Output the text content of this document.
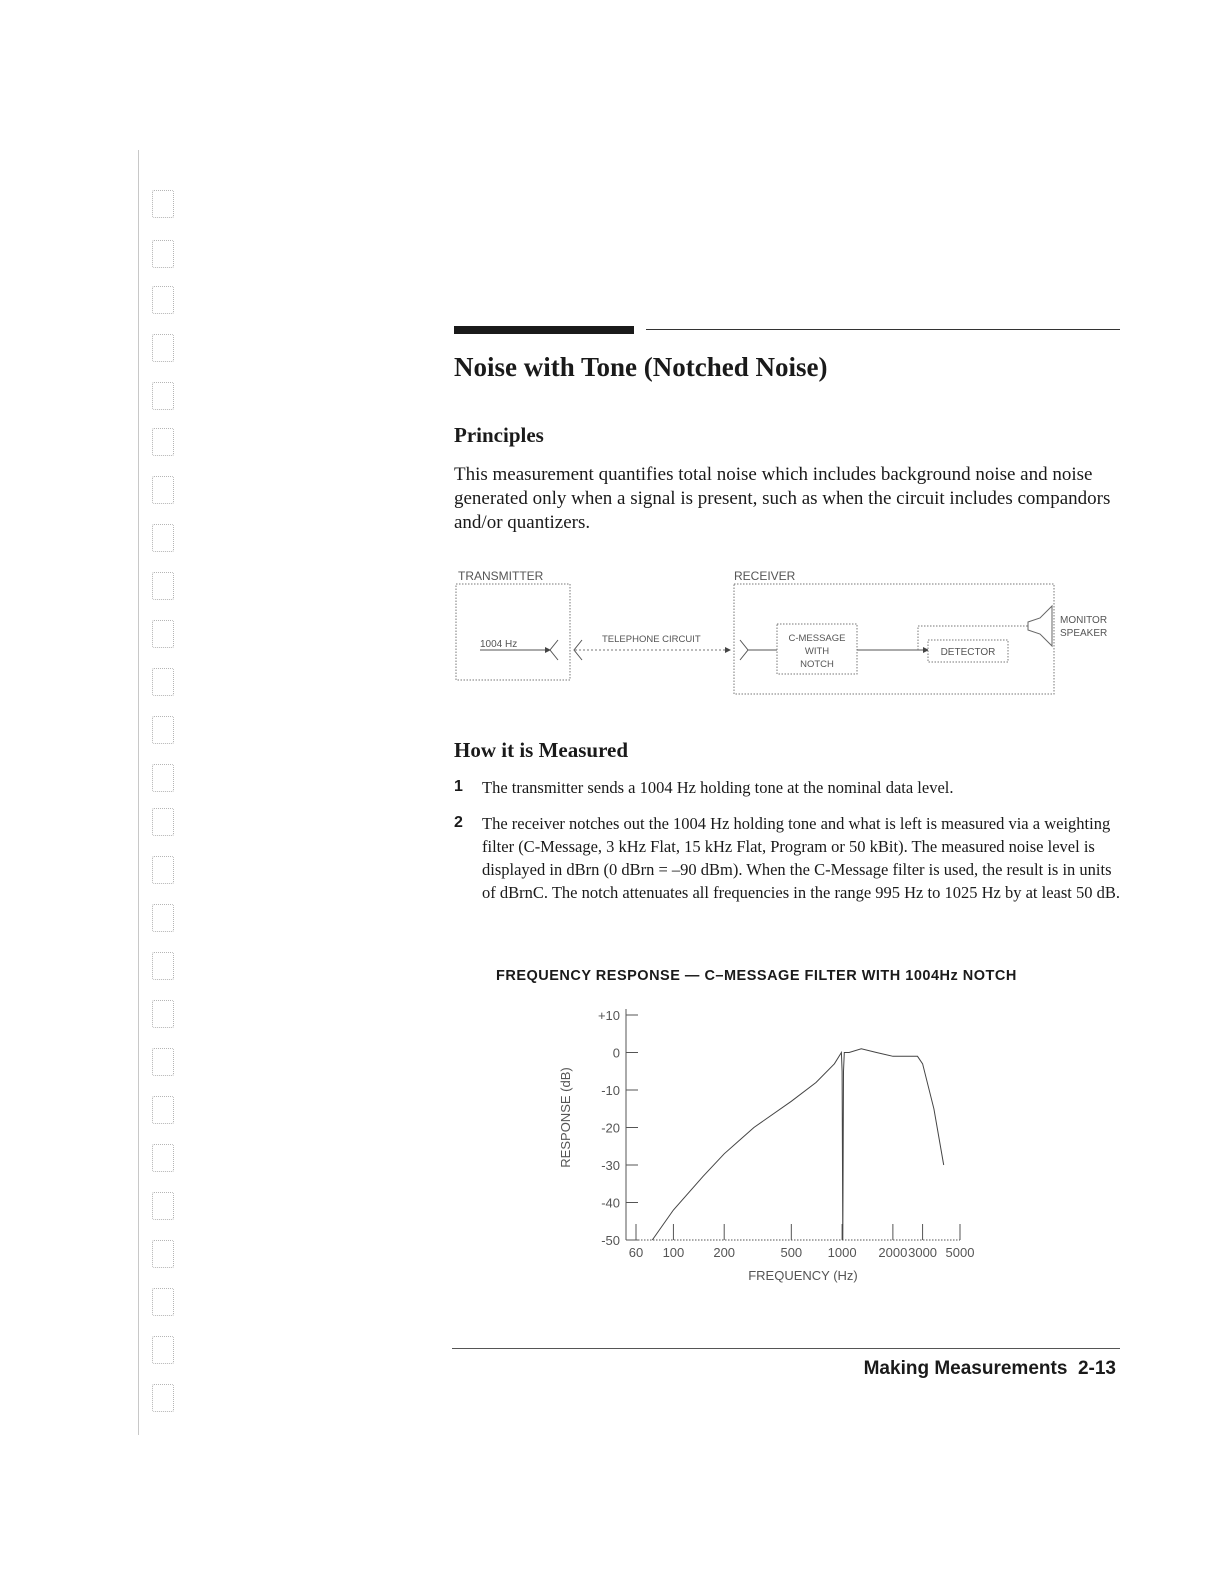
Noise with Tone (Notched Noise)
Principles

This measurement quantifies total noise which includes background noise and noise generated only when a signal is present, such as when the circuit includes compandors and/or quantizers.

TRANSMITTER
1004 Hz	TELEPHONE CIRCUIT
RECEIVER
C-MESSAGE
WITH
NOTCH
DETECTOR
MONITOR
SPEAKER
How it is Measured
1 The transmitter sends a 1004 Hz holding tone at the nominal data level.

2 The receiver notches out the 1004 Hz holding tone and what is left is measured via a weighting filter (C-Message, 3 kHz Flat, 15 kHz Flat, Program or 50 kBit). The measured noise level is displayed in dBrn (0 dBrn = –90 dBm). When the C-Message filter is used, the result is in units of dBrnC. The notch attenuates all frequencies in the range 995 Hz to 1025 Hz by at least 50 dB.

FREQUENCY RESPONSE — C–MESSAGE FILTER WITH 1004Hz NOTCH

+10
0
-10
-20
-30
-40
-50
60 100 200	500 1000 2000 3000 5000
RESPONSE (dB)
FREQUENCY (Hz)
Making Measurements 2-13
